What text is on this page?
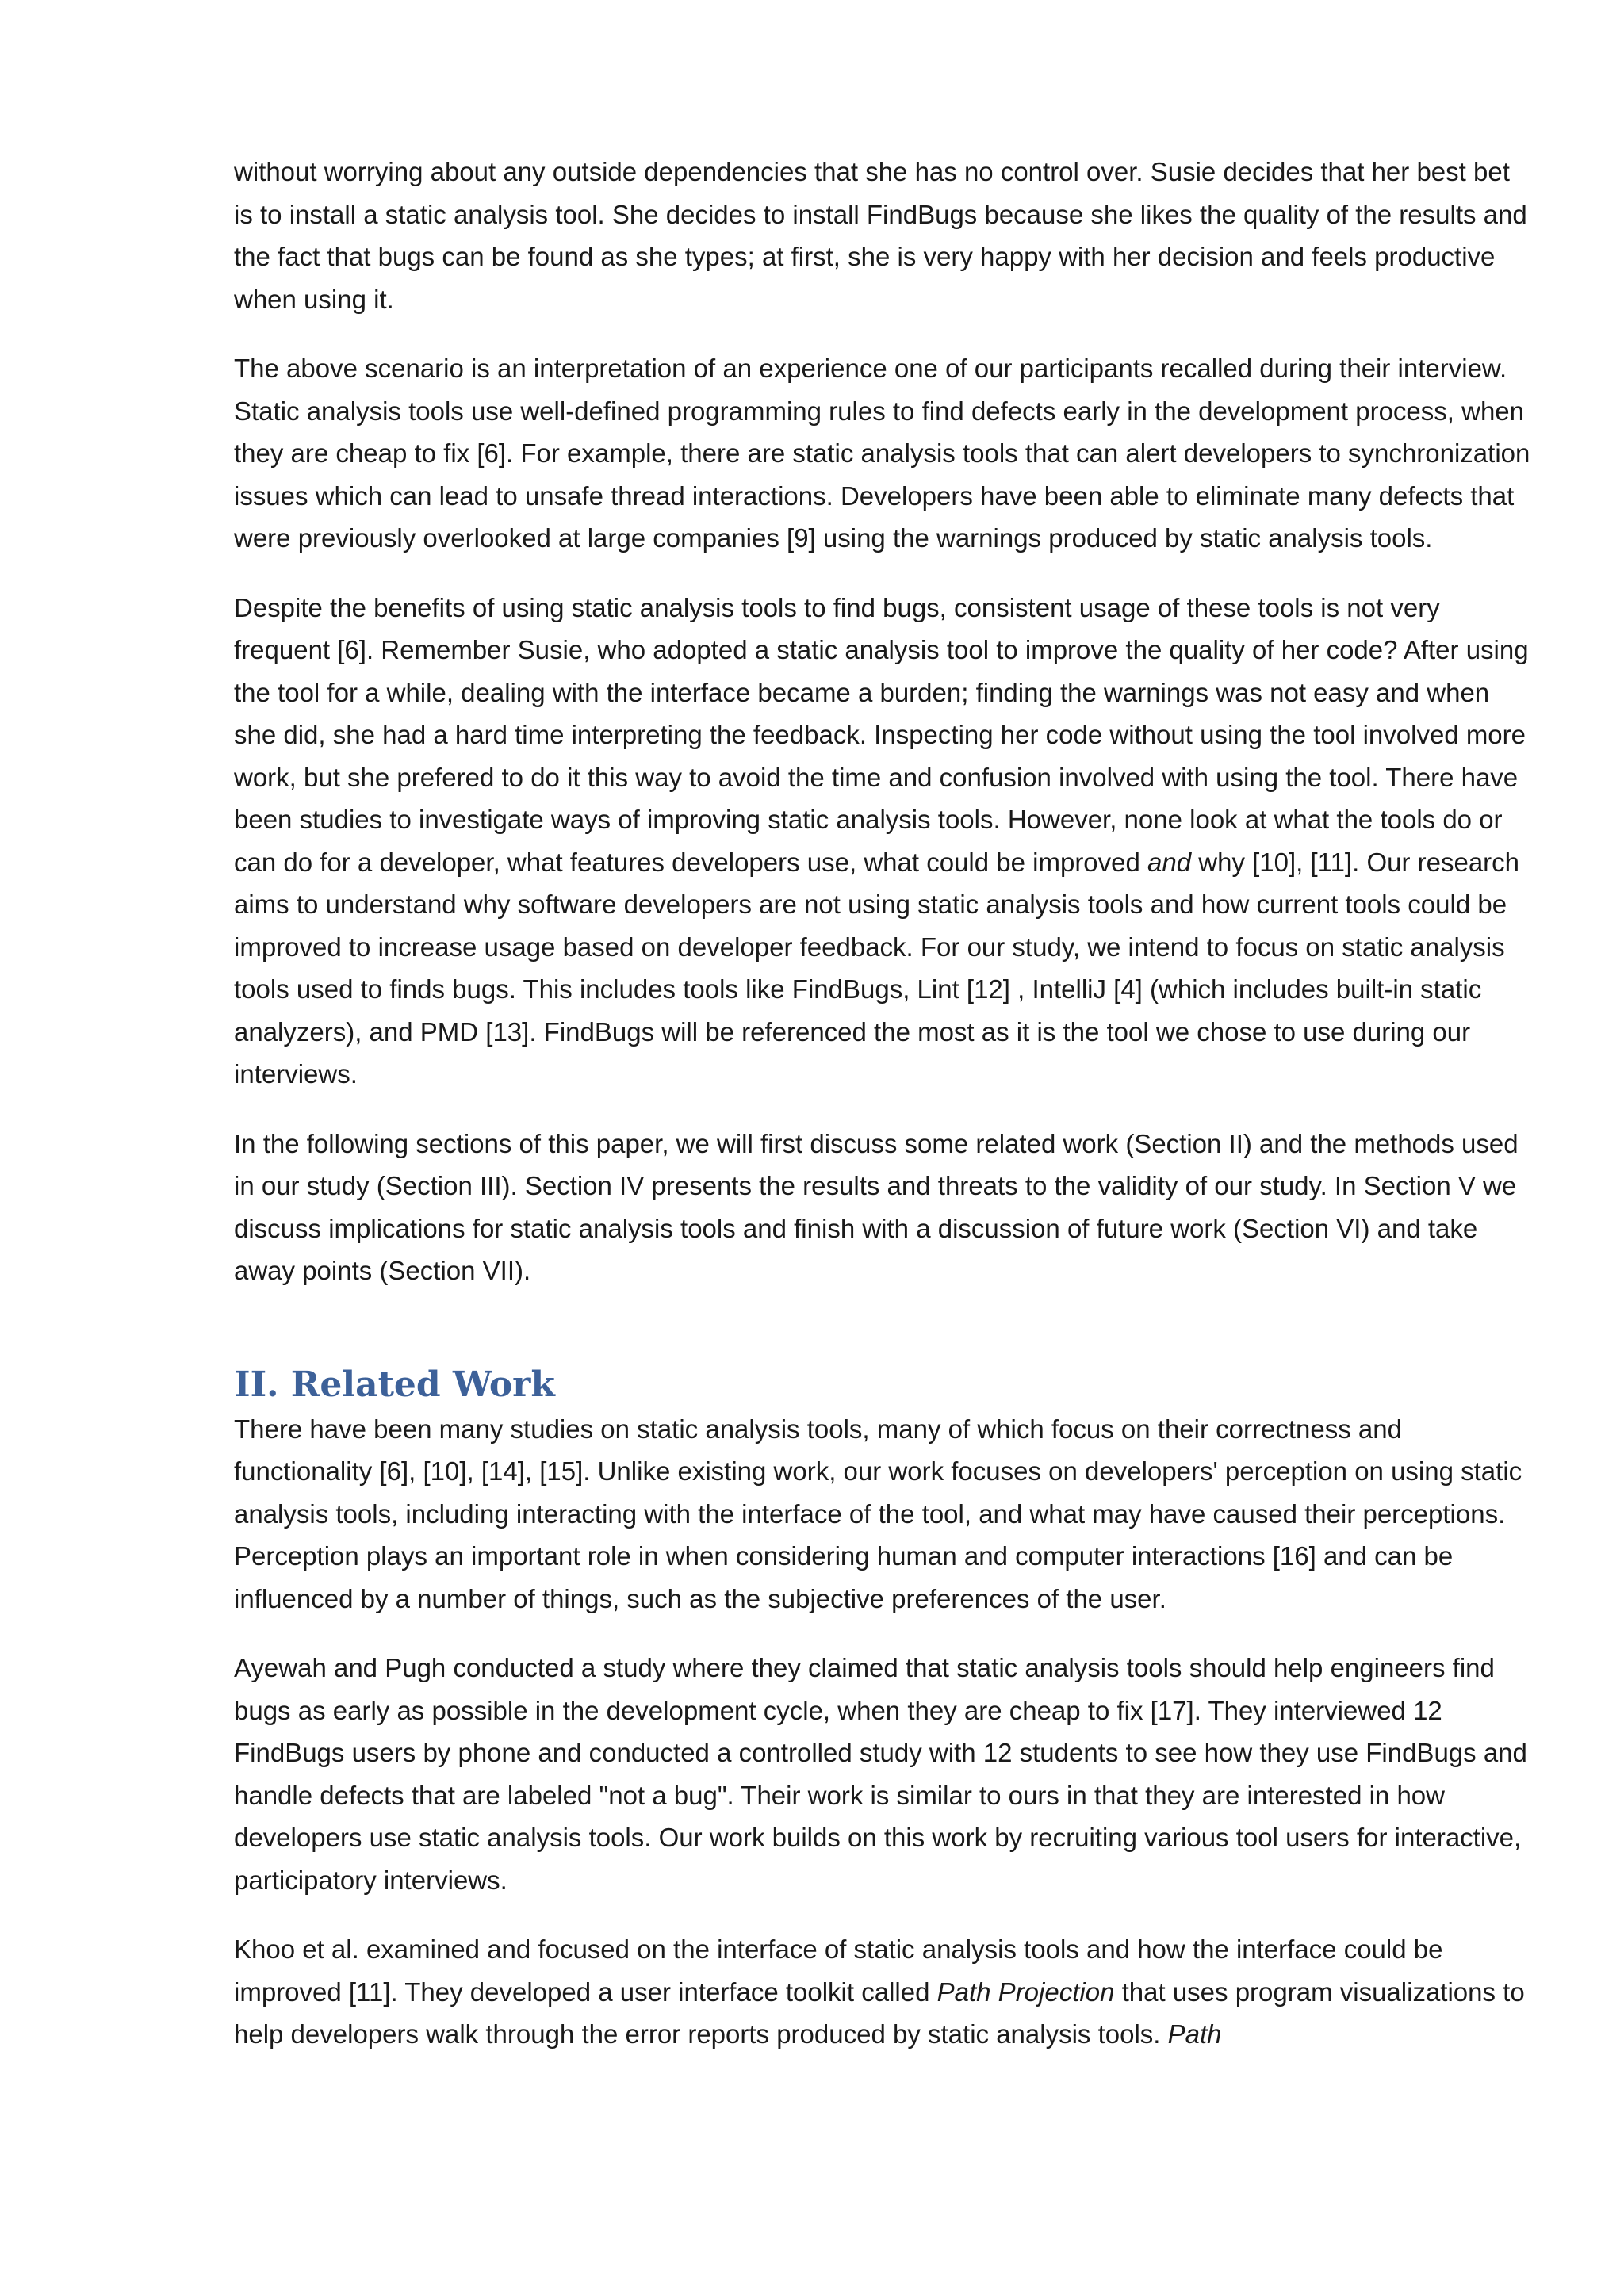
without worrying about any outside dependencies that she has no control over. Susie decides that her best bet is to install a static analysis tool. She decides to install FindBugs because she likes the quality of the results and the fact that bugs can be found as she types; at first, she is very happy with her decision and feels productive when using it.

The above scenario is an interpretation of an experience one of our participants recalled during their interview. Static analysis tools use well-defined programming rules to find defects early in the development process, when they are cheap to fix [6]. For example, there are static analysis tools that can alert developers to synchronization issues which can lead to unsafe thread interactions. Developers have been able to eliminate many defects that were previously overlooked at large companies [9] using the warnings produced by static analysis tools.

Despite the benefits of using static analysis tools to find bugs, consistent usage of these tools is not very frequent [6]. Remember Susie, who adopted a static analysis tool to improve the quality of her code? After using the tool for a while, dealing with the interface became a burden; finding the warnings was not easy and when she did, she had a hard time interpreting the feedback. Inspecting her code without using the tool involved more work, but she prefered to do it this way to avoid the time and confusion involved with using the tool. There have been studies to investigate ways of improving static analysis tools. However, none look at what the tools do or can do for a developer, what features developers use, what could be improved and why [10], [11]. Our research aims to understand why software developers are not using static analysis tools and how current tools could be improved to increase usage based on developer feedback. For our study, we intend to focus on static analysis tools used to finds bugs. This includes tools like FindBugs, Lint [12] , IntelliJ [4] (which includes built-in static analyzers), and PMD [13]. FindBugs will be referenced the most as it is the tool we chose to use during our interviews.

In the following sections of this paper, we will first discuss some related work (Section II) and the methods used in our study (Section III). Section IV presents the results and threats to the validity of our study. In Section V we discuss implications for static analysis tools and finish with a discussion of future work (Section VI) and take away points (Section VII).

II. Related Work

There have been many studies on static analysis tools, many of which focus on their correctness and functionality [6], [10], [14], [15]. Unlike existing work, our work focuses on developers' perception on using static analysis tools, including interacting with the interface of the tool, and what may have caused their perceptions. Perception plays an important role in when considering human and computer interactions [16] and can be influenced by a number of things, such as the subjective preferences of the user.

Ayewah and Pugh conducted a study where they claimed that static analysis tools should help engineers find bugs as early as possible in the development cycle, when they are cheap to fix [17]. They interviewed 12 FindBugs users by phone and conducted a controlled study with 12 students to see how they use FindBugs and handle defects that are labeled "not a bug". Their work is similar to ours in that they are interested in how developers use static analysis tools. Our work builds on this work by recruiting various tool users for interactive, participatory interviews.

Khoo et al. examined and focused on the interface of static analysis tools and how the interface could be improved [11]. They developed a user interface toolkit called Path Projection that uses program visualizations to help developers walk through the error reports produced by static analysis tools. Path
